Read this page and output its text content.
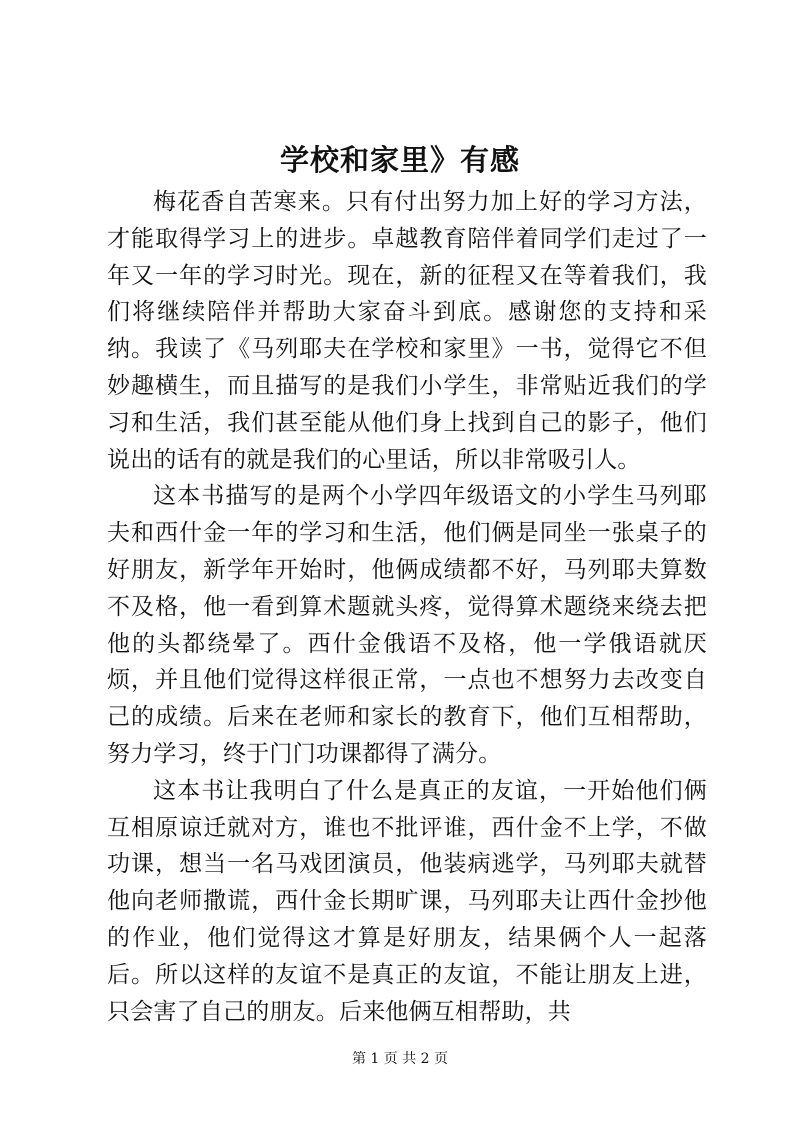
学校和家里》有感

梅花香自苦寒来。只有付出努力加上好的学习方法，才能取得学习上的进步。卓越教育陪伴着同学们走过了一年又一年的学习时光。现在，新的征程又在等着我们，我们将继续陪伴并帮助大家奋斗到底。感谢您的支持和采纳。我读了《马列耶夫在学校和家里》一书，觉得它不但妙趣横生，而且描写的是我们小学生，非常贴近我们的学习和生活，我们甚至能从他们身上找到自己的影子，他们说出的话有的就是我们的心里话，所以非常吸引人。

这本书描写的是两个小学四年级语文的小学生马列耶夫和西什金一年的学习和生活，他们俩是同坐一张桌子的好朋友，新学年开始时，他俩成绩都不好，马列耶夫算数不及格，他一看到算术题就头疼，觉得算术题绕来绕去把他的头都绕晕了。西什金俄语不及格，他一学俄语就厌烦，并且他们觉得这样很正常，一点也不想努力去改变自己的成绩。后来在老师和家长的教育下，他们互相帮助，努力学习，终于门门功课都得了满分。

这本书让我明白了什么是真正的友谊，一开始他们俩互相原谅迁就对方，谁也不批评谁，西什金不上学，不做功课，想当一名马戏团演员，他装病逃学，马列耶夫就替他向老师撒谎，西什金长期旷课，马列耶夫让西什金抄他的作业，他们觉得这才算是好朋友，结果俩个人一起落后。所以这样的友谊不是真正的友谊，不能让朋友上进，只会害了自己的朋友。后来他俩互相帮助，共

第 1 页 共 2 页
